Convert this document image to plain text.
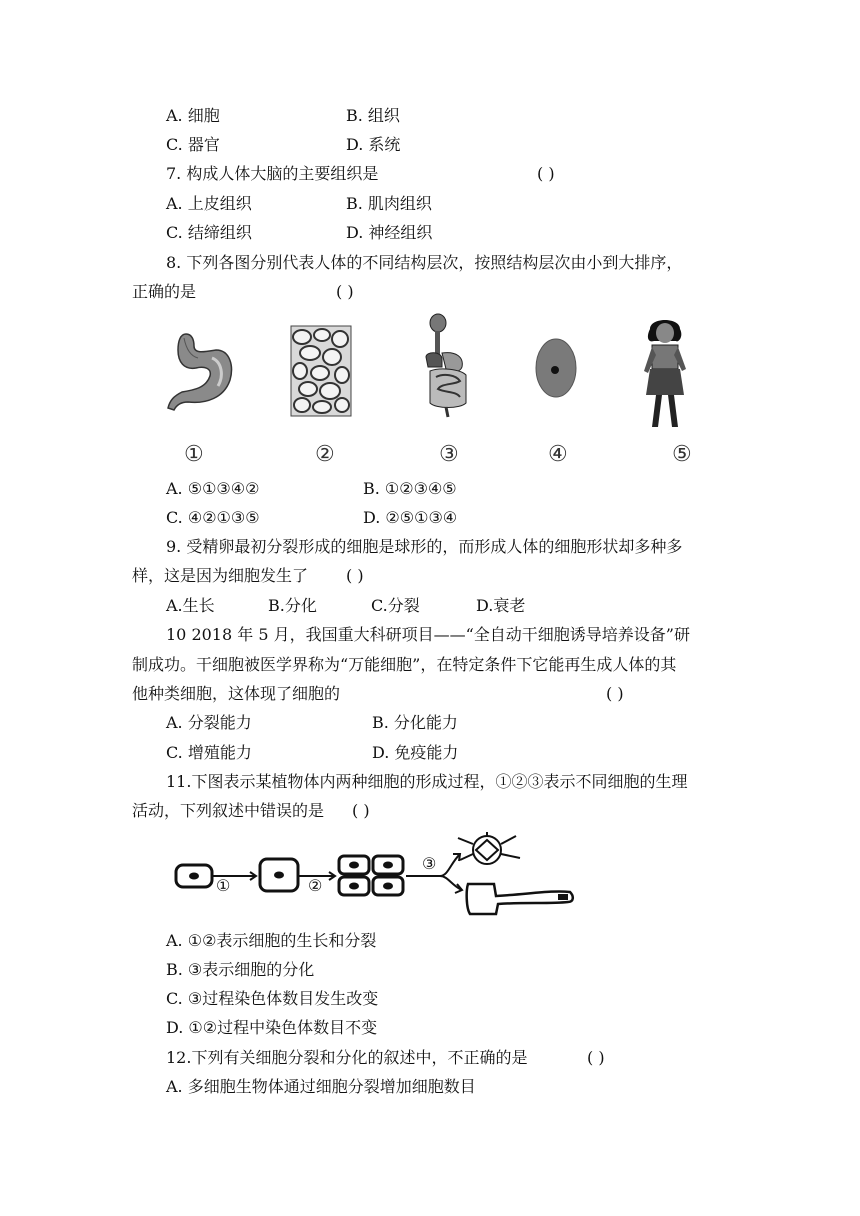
A. 细胞	B. 组织
C. 器官	D. 系统
7. 构成人体大脑的主要组织是	( )
A. 上皮组织	B. 肌肉组织
C. 结缔组织	D. 神经组织
8. 下列各图分别代表人体的不同结构层次，按照结构层次由小到大排序，
正确的是	( )
①	②	③	④	⑤
A. ⑤①③④②	B. ①②③④⑤
C. ④②①③⑤	D. ②⑤①③④
9. 受精卵最初分裂形成的细胞是球形的，而形成人体的细胞形状却多种多
样，这是因为细胞发生了 ( )
A.生长	B.分化	C.分裂	D.衰老
10 2018 年 5 月，我国重大科研项目——“全自动干细胞诱导培养设备”研
制成功。干细胞被医学界称为“万能细胞”，在特定条件下它能再生成人体的其
他种类细胞，这体现了细胞的	( )
A. 分裂能力	B. 分化能力
C. 增殖能力	D. 免疫能力
11.下图表示某植物体内两种细胞的形成过程，①②③表示不同细胞的生理
活动，下列叙述中错误的是 ( )
①	②
③
A. ①②表示细胞的生长和分裂
B. ③表示细胞的分化
C. ③过程染色体数目发生改变
D. ①②过程中染色体数目不变
12.下列有关细胞分裂和分化的叙述中，不正确的是	( )
A. 多细胞生物体通过细胞分裂增加细胞数目
